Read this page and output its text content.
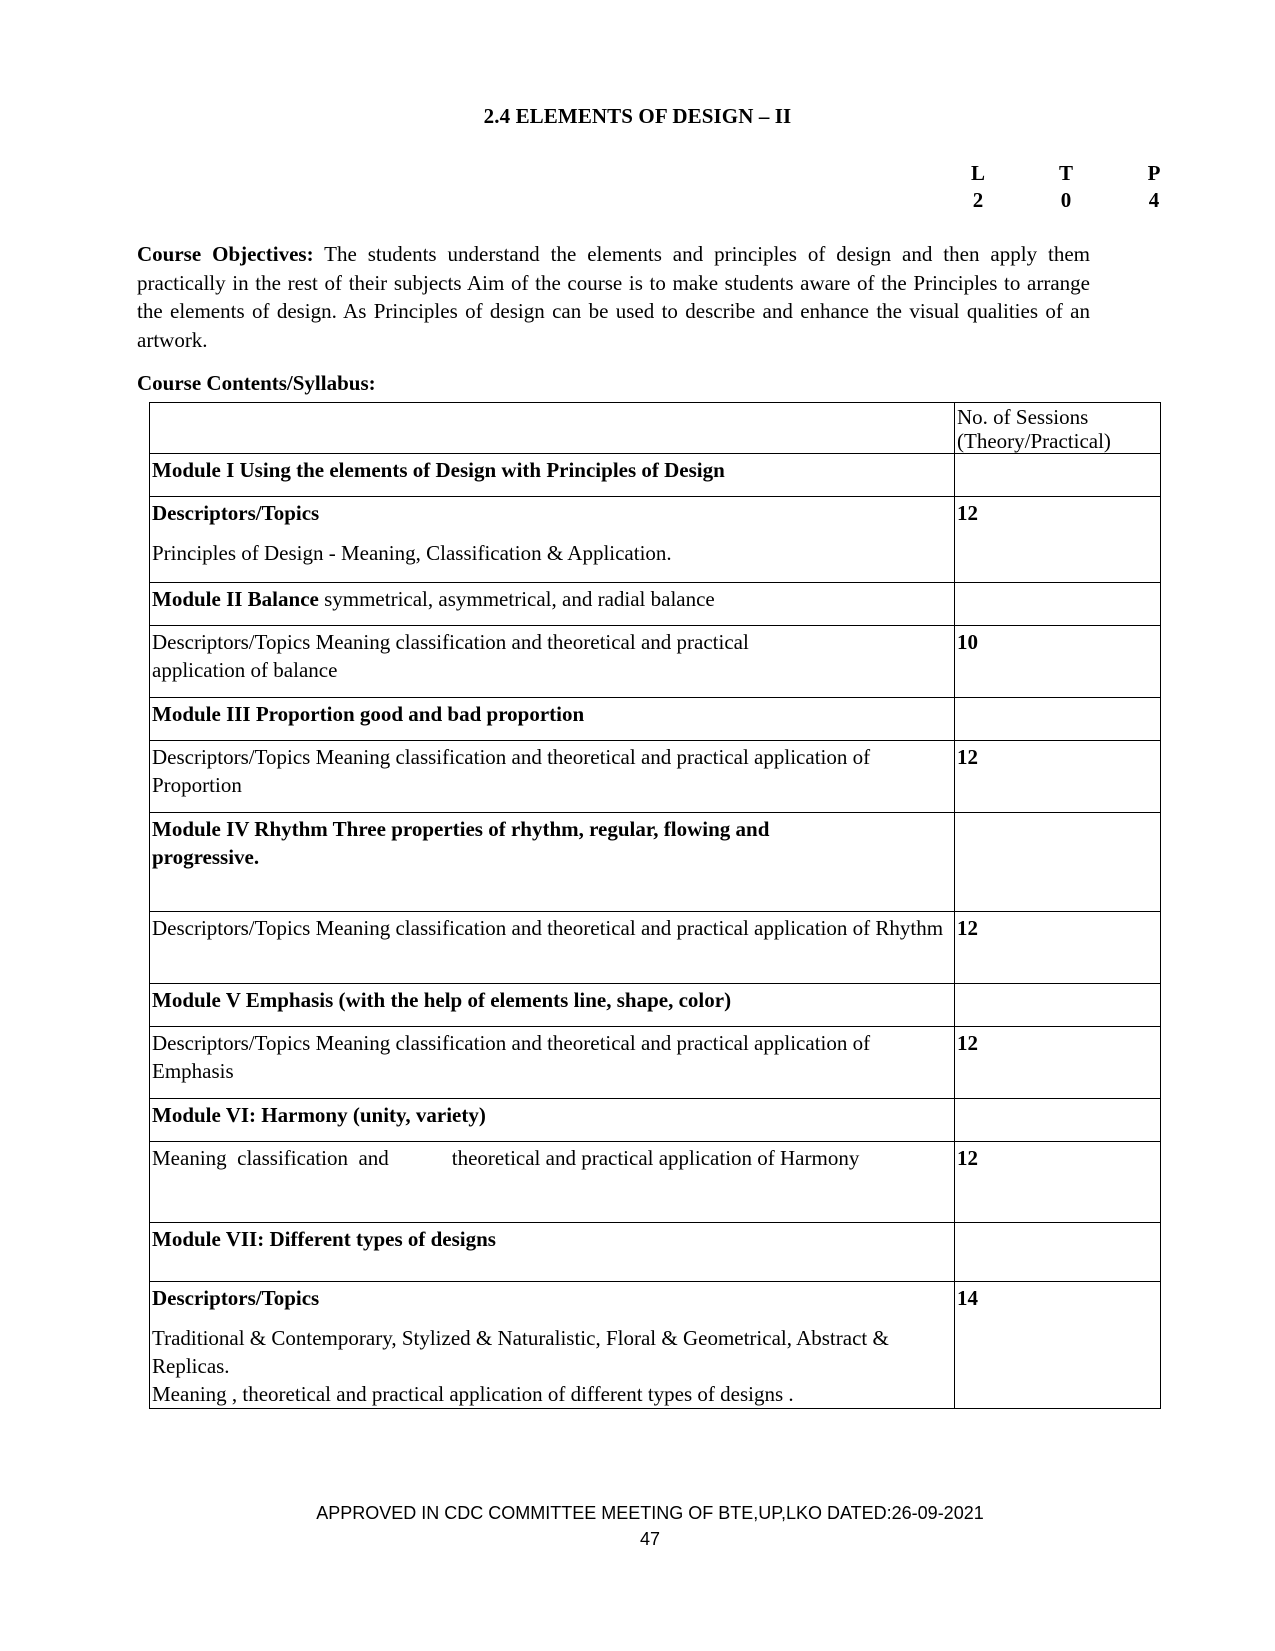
2.4 ELEMENTS OF DESIGN – II
L	T	P
2	0	4
Course Objectives: The students understand the elements and principles of design and then apply them practically in the rest of their subjects Aim of the course is to make students aware of the Principles to arrange the elements of design. As Principles of design can be used to describe and enhance the visual qualities of an artwork.
Course Contents/Syllabus:
	No. of Sessions (Theory/Practical)
Module I Using the elements of Design with Principles of Design	
Descriptors/Topics
Principles of Design - Meaning, Classification & Application.	12
Module II Balance symmetrical, asymmetrical, and radial balance	
Descriptors/Topics Meaning classification and theoretical and practical application of balance	10
Module III Proportion good and bad proportion	
Descriptors/Topics Meaning classification and theoretical and practical application of Proportion	12
Module IV Rhythm Three properties of rhythm, regular, flowing and progressive.	
Descriptors/Topics Meaning classification and theoretical and practical application of Rhythm	12
Module V Emphasis (with the help of elements line, shape, color)	
Descriptors/Topics Meaning classification and theoretical and practical application of Emphasis	12
Module VI: Harmony (unity, variety)	
Meaning  classification  and            theoretical and practical application of Harmony	12
Module VII: Different types of designs	
Descriptors/Topics
Traditional & Contemporary, Stylized & Naturalistic, Floral & Geometrical, Abstract & Replicas.
Meaning , theoretical and practical application of different types of designs .	14
APPROVED IN CDC COMMITTEE MEETING OF BTE,UP,LKO DATED:26-09-2021
47
